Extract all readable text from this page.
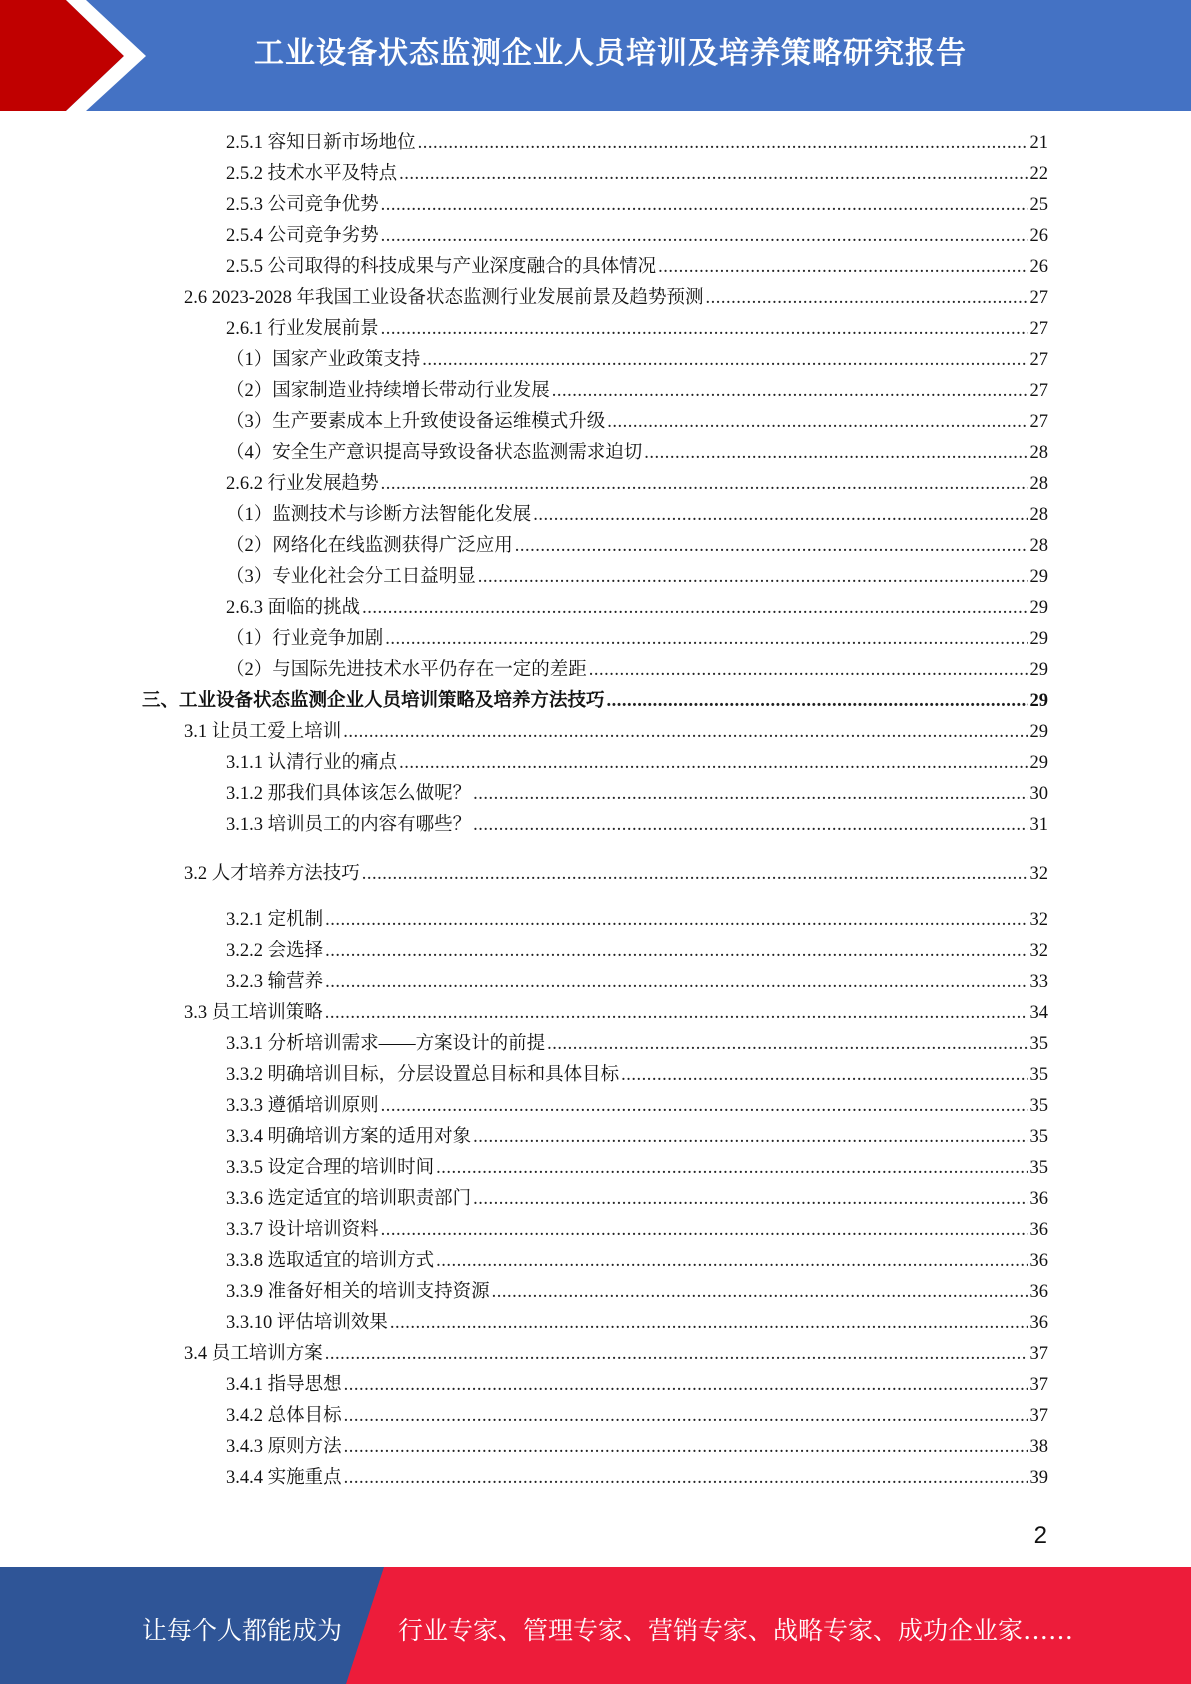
工业设备状态监测企业人员培训及培养策略研究报告
2.5.1 容知日新市场地位 .....	21
2.5.2 技术水平及特点 .....	22
2.5.3 公司竞争优势 .....	25
2.5.4 公司竞争劣势 .....	26
2.5.5 公司取得的科技成果与产业深度融合的具体情况 .....	26
2.6 2023-2028 年我国工业设备状态监测行业发展前景及趋势预测 .....	27
2.6.1 行业发展前景 .....	27
（1）国家产业政策支持 .....	27
（2）国家制造业持续增长带动行业发展 .....	27
（3）生产要素成本上升致使设备运维模式升级 .....	27
（4）安全生产意识提高导致设备状态监测需求迫切 .....	28
2.6.2 行业发展趋势 .....	28
（1）监测技术与诊断方法智能化发展 .....	28
（2）网络化在线监测获得广泛应用 .....	28
（3）专业化社会分工日益明显 .....	29
2.6.3 面临的挑战 .....	29
（1）行业竞争加剧 .....	29
（2）与国际先进技术水平仍存在一定的差距 .....	29
三、工业设备状态监测企业人员培训策略及培养方法技巧 .....	29
3.1 让员工爱上培训 .....	29
3.1.1 认清行业的痛点 .....	29
3.1.2 那我们具体该怎么做呢？ .....	30
3.1.3 培训员工的内容有哪些？ .....	31
3.2 人才培养方法技巧 .....	32
3.2.1 定机制 .....	32
3.2.2 会选择 .....	32
3.2.3 输营养 .....	33
3.3 员工培训策略 .....	34
3.3.1 分析培训需求——方案设计的前提 .....	35
3.3.2 明确培训目标，分层设置总目标和具体目标 .....	35
3.3.3 遵循培训原则 .....	35
3.3.4 明确培训方案的适用对象 .....	35
3.3.5 设定合理的培训时间 .....	35
3.3.6 选定适宜的培训职责部门 .....	36
3.3.7 设计培训资料 .....	36
3.3.8 选取适宜的培训方式 .....	36
3.3.9 准备好相关的培训支持资源 .....	36
3.3.10 评估培训效果 .....	36
3.4 员工培训方案 .....	37
3.4.1 指导思想 .....	37
3.4.2 总体目标 .....	37
3.4.3 原则方法 .....	38
3.4.4 实施重点 .....	39
2
让每个人都能成为 行业专家、管理专家、营销专家、战略专家、成功企业家……
